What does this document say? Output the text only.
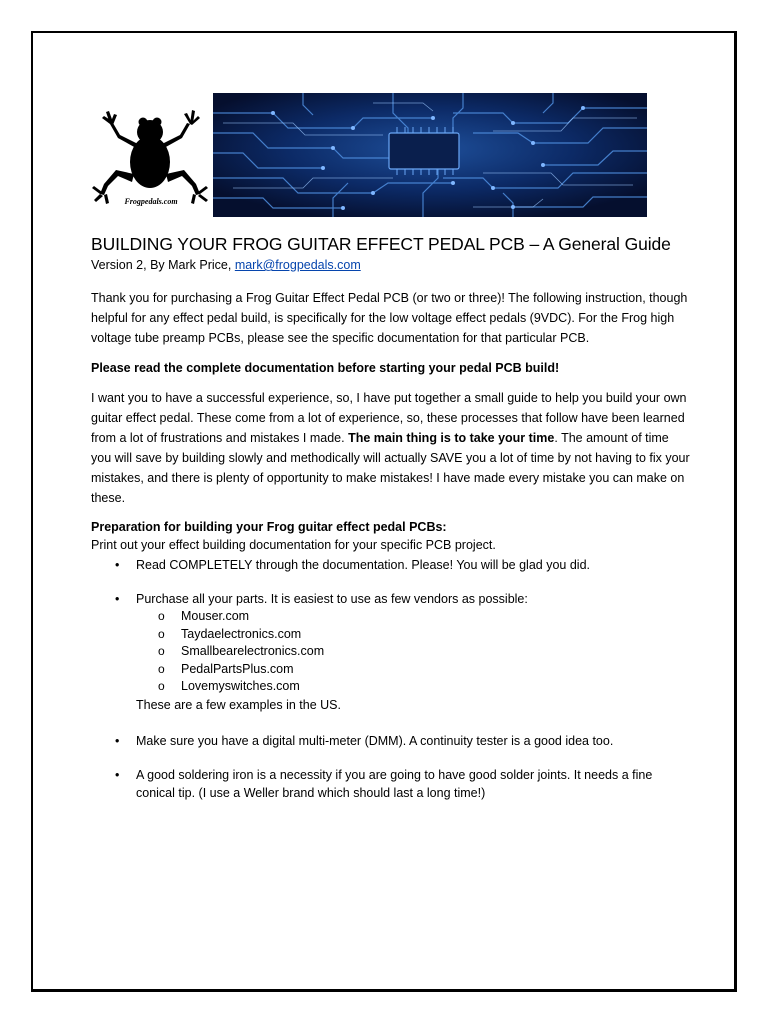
Frogpedals.com
BUILDING YOUR FROG GUITAR EFFECT PEDAL PCB – A General Guide

Version 2, By Mark Price, mark@frogpedals.com

Thank you for purchasing a Frog Guitar Effect Pedal PCB (or two or three)! The following instruction, though helpful for any effect pedal build, is specifically for the low voltage effect pedals (9VDC). For the Frog high voltage tube preamp PCBs, please see the specific documentation for that particular PCB.

Please read the complete documentation before starting your pedal PCB build!

I want you to have a successful experience, so, I have put together a small guide to help you build your own guitar effect pedal. These come from a lot of experience, so, these processes that follow have been learned from a lot of frustrations and mistakes I made. The main thing is to take your time. The amount of time you will save by building slowly and methodically will actually SAVE you a lot of time by not having to fix your mistakes, and there is plenty of opportunity to make mistakes! I have made every mistake you can make on these.

Preparation for building your Frog guitar effect pedal PCBs:

Print out your effect building documentation for your specific PCB project.

• Read COMPLETELY through the documentation. Please! You will be glad you did.
• Purchase all your parts. It is easiest to use as few vendors as possible:
o Mouser.com
o Taydaelectronics.com
o Smallbearelectronics.com
o PedalPartsPlus.com
o Lovemyswitches.com
These are a few examples in the US.
• Make sure you have a digital multi-meter (DMM). A continuity tester is a good idea too.
• A good soldering iron is a necessity if you are going to have good solder joints. It needs a fine conical tip. (I use a Weller brand which should last a long time!)
